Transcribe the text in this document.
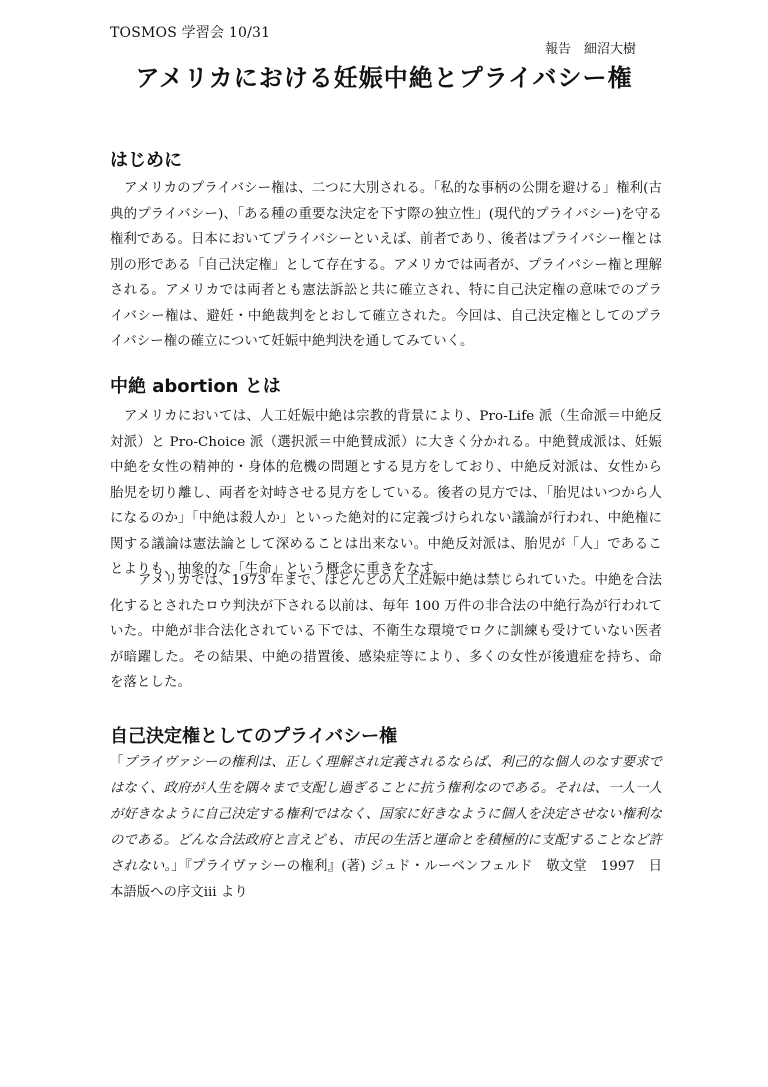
TOSMOS 学習会 10/31
報告　細沼大樹
アメリカにおける妊娠中絶とプライバシー権
はじめに

アメリカのプライバシー権は、二つに大別される。「私的な事柄の公開を避ける」権利(古典的プライバシー)、「ある種の重要な決定を下す際の独立性」(現代的プライバシー)を守る権利である。日本においてプライバシーといえば、前者であり、後者はプライバシー権とは別の形である「自己決定権」として存在する。アメリカでは両者が、プライバシー権と理解される。アメリカでは両者とも憲法訴訟と共に確立され、特に自己決定権の意味でのプライバシー権は、避妊・中絶裁判をとおして確立された。今回は、自己決定権としてのプライバシー権の確立について妊娠中絶判決を通してみていく。

中絶 abortion とは

アメリカにおいては、人工妊娠中絶は宗教的背景により、Pro-Life 派（生命派＝中絶反対派）と Pro-Choice 派（選択派＝中絶賛成派）に大きく分かれる。中絶賛成派は、妊娠中絶を女性の精神的・身体的危機の問題とする見方をしており、中絶反対派は、女性から胎児を切り離し、両者を対峙させる見方をしている。後者の見方では、「胎児はいつから人になるのか」「中絶は殺人か」といった絶対的に定義づけられない議論が行われ、中絶権に関する議論は憲法論として深めることは出来ない。中絶反対派は、胎児が「人」であることよりも、抽象的な「生命」という概念に重きをなす。

アメリカでは、1973 年まで、ほとんどの人工妊娠中絶は禁じられていた。中絶を合法化するとされたロウ判決が下される以前は、毎年 100 万件の非合法の中絶行為が行われていた。中絶が非合法化されている下では、不衛生な環境でロクに訓練も受けていない医者が暗躍した。その結果、中絶の措置後、感染症等により、多くの女性が後遺症を持ち、命を落とした。

自己決定権としてのプライバシー権

「プライヴァシーの権利は、正しく理解され定義されるならば、利己的な個人のなす要求ではなく、政府が人生を隅々まで支配し過ぎることに抗う権利なのである。それは、一人一人が好きなように自己決定する権利ではなく、国家に好きなように個人を決定させない権利なのである。どんな合法政府と言えども、市民の生活と運命とを積極的に支配することなど許されない。」『プライヴァシーの権利』(著) ジュド・ルーベンフェルド　敬文堂　1997　日本語版への序文iii より
